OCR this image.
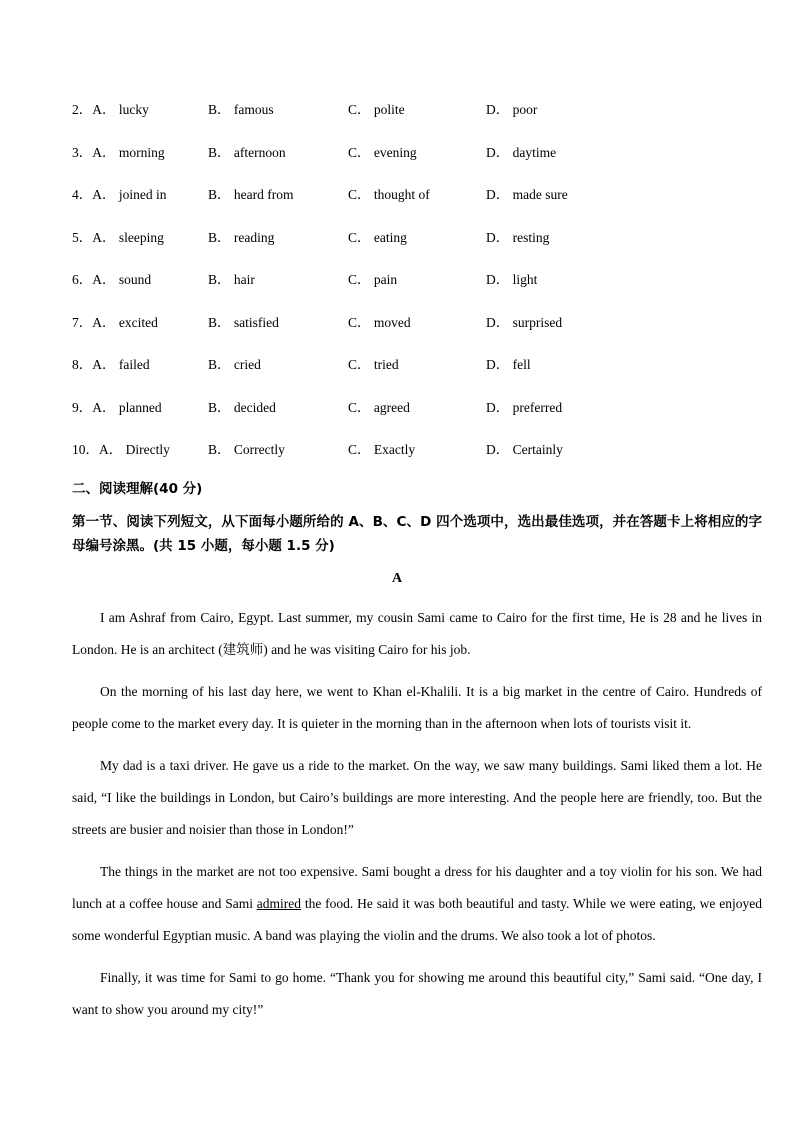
2．A． lucky	B． famous	C． polite	D． poor
3．A． morning	B． afternoon	C． evening	D． daytime
4．A． joined in	B． heard from	C． thought of	D． made sure
5．A． sleeping	B． reading	C． eating	D． resting
6．A． sound	B． hair	C． pain	D． light
7．A． excited	B． satisfied	C． moved	D． surprised
8．A． failed	B． cried	C． tried	D． fell
9．A． planned	B． decided	C． agreed	D． preferred
10．A． Directly	B． Correctly	C． Exactly	D． Certainly
二、阅读理解(40 分)
第一节、阅读下列短文，从下面每小题所给的 A、B、C、D 四个选项中，选出最佳选项，并在答题卡上将相应的字母编号涂黑。(共 15 小题，每小题 1.5 分)
A

I am Ashraf from Cairo, Egypt. Last summer, my cousin Sami came to Cairo for the first time, He is 28 and he lives in London. He is an architect (建筑师) and he was visiting Cairo for his job.

On the morning of his last day here, we went to Khan el-Khalili. It is a big market in the centre of Cairo. Hundreds of people come to the market every day. It is quieter in the morning than in the afternoon when lots of tourists visit it.

My dad is a taxi driver. He gave us a ride to the market. On the way, we saw many buildings. Sami liked them a lot. He said, “I like the buildings in London, but Cairo’s buildings are more interesting. And the people here are friendly, too. But the streets are busier and noisier than those in London!”

The things in the market are not too expensive. Sami bought a dress for his daughter and a toy violin for his son. We had lunch at a coffee house and Sami admired the food. He said it was both beautiful and tasty. While we were eating, we enjoyed some wonderful Egyptian music. A band was playing the violin and the drums. We also took a lot of photos.

Finally, it was time for Sami to go home. “Thank you for showing me around this beautiful city,” Sami said. “One day, I want to show you around my city!”
